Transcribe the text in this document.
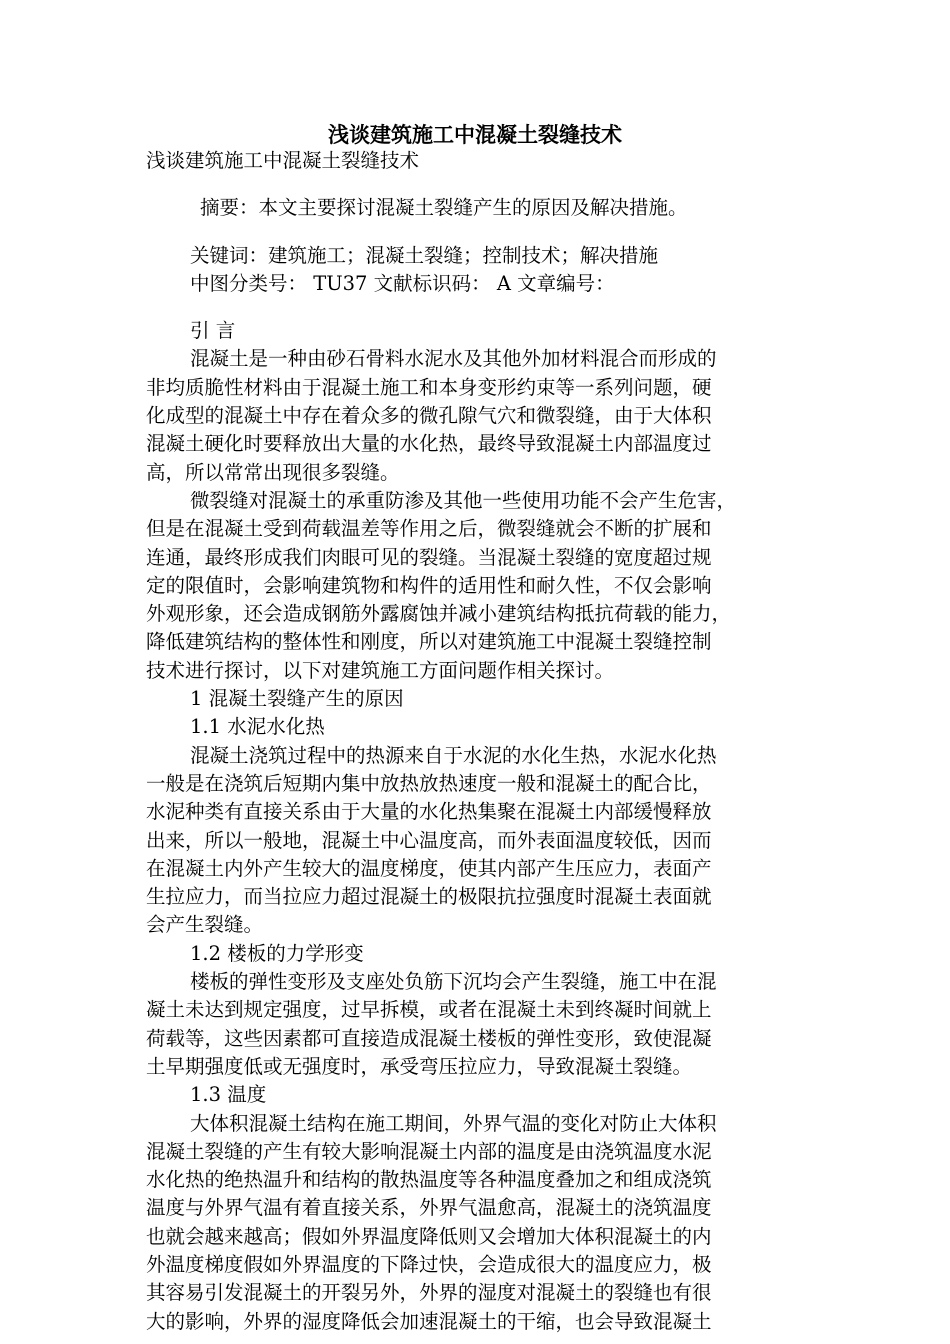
浅谈建筑施工中混凝土裂缝技术
浅谈建筑施工中混凝土裂缝技术
摘要：本文主要探讨混凝土裂缝产生的原因及解决措施。
关键词：建筑施工；混凝土裂缝；控制技术；解决措施
中图分类号： TU37 文献标识码： A 文章编号：
引 言
混凝土是一种由砂石骨料水泥水及其他外加材料混合而形成的
非均质脆性材料由于混凝土施工和本身变形约束等一系列问题，硬
化成型的混凝土中存在着众多的微孔隙气穴和微裂缝，由于大体积
混凝土硬化时要释放出大量的水化热，最终导致混凝土内部温度过
高，所以常常出现很多裂缝。
微裂缝对混凝土的承重防渗及其他一些使用功能不会产生危害，
但是在混凝土受到荷载温差等作用之后，微裂缝就会不断的扩展和
连通，最终形成我们肉眼可见的裂缝。当混凝土裂缝的宽度超过规
定的限值时，会影响建筑物和构件的适用性和耐久性，不仅会影响
外观形象，还会造成钢筋外露腐蚀并减小建筑结构抵抗荷载的能力，
降低建筑结构的整体性和刚度，所以对建筑施工中混凝土裂缝控制
技术进行探讨，以下对建筑施工方面问题作相关探讨。
1 混凝土裂缝产生的原因
1.1 水泥水化热
混凝土浇筑过程中的热源来自于水泥的水化生热，水泥水化热
一般是在浇筑后短期内集中放热放热速度一般和混凝土的配合比，
水泥种类有直接关系由于大量的水化热集聚在混凝土内部缓慢释放
出来，所以一般地，混凝土中心温度高，而外表面温度较低，因而
在混凝土内外产生较大的温度梯度，使其内部产生压应力，表面产
生拉应力，而当拉应力超过混凝土的极限抗拉强度时混凝土表面就
会产生裂缝。
1.2 楼板的力学形变
楼板的弹性变形及支座处负筋下沉均会产生裂缝，施工中在混
凝土未达到规定强度，过早拆模，或者在混凝土未到终凝时间就上
荷载等，这些因素都可直接造成混凝土楼板的弹性变形，致使混凝
土早期强度低或无强度时，承受弯压拉应力，导致混凝土裂缝。
1.3 温度
大体积混凝土结构在施工期间，外界气温的变化对防止大体积
混凝土裂缝的产生有较大影响混凝土内部的温度是由浇筑温度水泥
水化热的绝热温升和结构的散热温度等各种温度叠加之和组成浇筑
温度与外界气温有着直接关系，外界气温愈高，混凝土的浇筑温度
也就会越来越高；假如外界温度降低则又会增加大体积混凝土的内
外温度梯度假如外界温度的下降过快，会造成很大的温度应力，极
其容易引发混凝土的开裂另外，外界的湿度对混凝土的裂缝也有很
大的影响，外界的湿度降低会加速混凝土的干缩，也会导致混凝土
